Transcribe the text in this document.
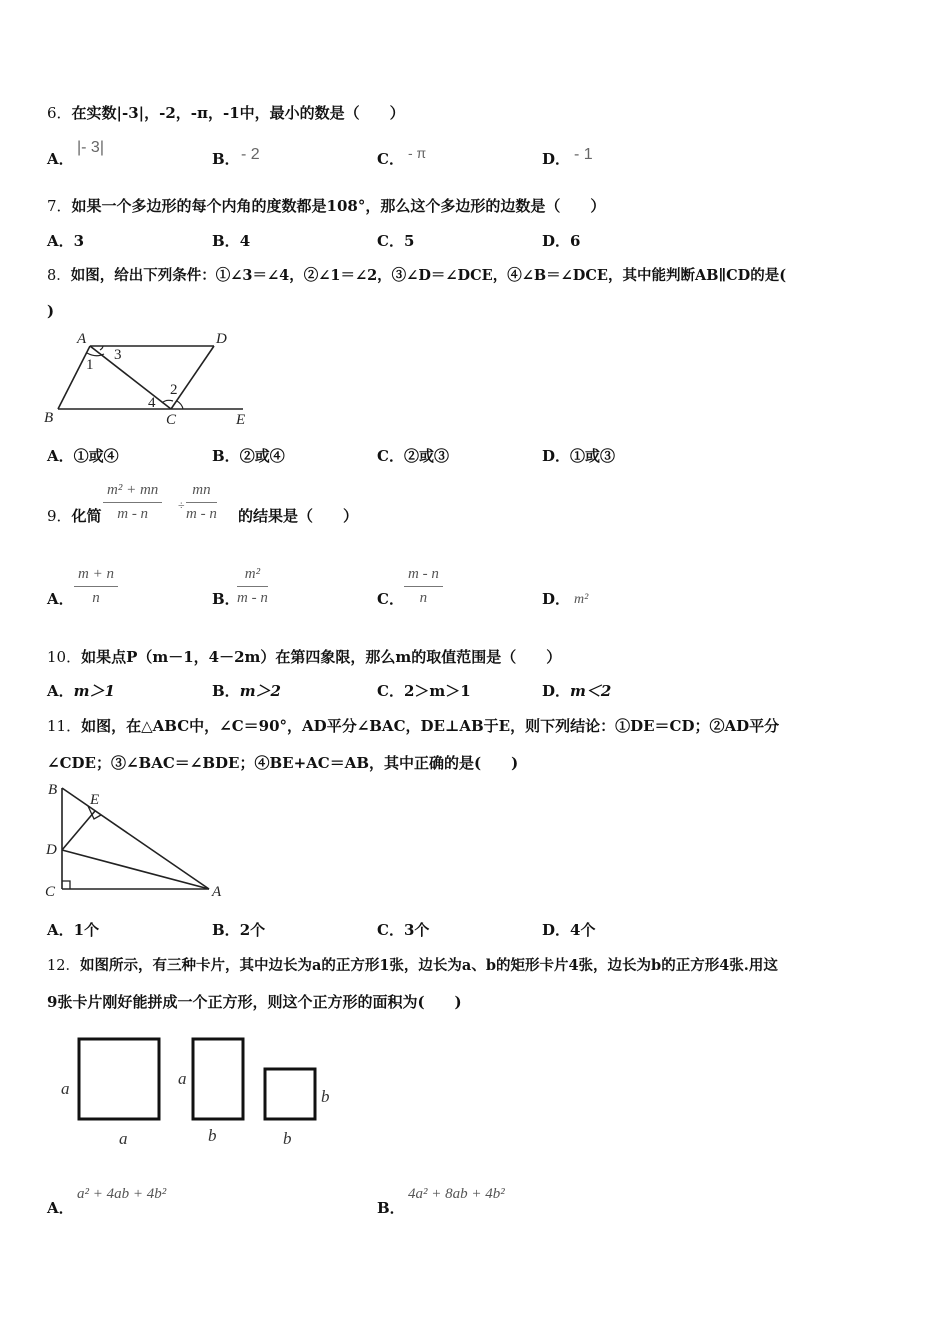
6．在实数|-3|，-2，-π，-1中，最小的数是（　　）
A．
|- 3|
B． - 2	C． - π	D． - 1
7．如果一个多边形的每个内角的度数都是108°，那么这个多边形的边数是（　　）
A．3	B．4	C．5	D．6
8．如图，给出下列条件：①∠3＝∠4，②∠1＝∠2，③∠D＝∠DCE，④∠B＝∠DCE，其中能判断AB∥CD的是(
)
A	D
B	C	E
1
3
2
4
A．①或④	B．②或④	C．②或③	D．①或③
9．化简 $\frac{\text{m² + mn}}{m - n} \div \frac{mn}{m - n}$ 的结果是（　　）
A． $\frac{m + n}{n}$	B．
$\frac{\text{m²}}{m - n}$	C． $\frac{m - n}{n}$	D． m²
10．如果点P（m－1，4－2m）在第四象限，那么m的取值范围是（　　）
A．m＞1	B．m＞2	C．2＞m＞1	D．m＜2
11．如图，在△ABC中，∠C＝90°，AD平分∠BAC，DE⊥AB于E，则下列结论：①DE＝CD；②AD平分
∠CDE；③∠BAC＝∠BDE；④BE+AC＝AB，其中正确的是(　　)
B
E
D
C	A
A．1个	B．2个	C．3个	D．4个
12．如图所示，有三种卡片，其中边长为a的正方形1张，边长为a、b的矩形卡片4张，边长为b的正方形4张.用这
9张卡片刚好能拼成一个正方形，则这个正方形的面积为(　　)
a
a
a
b
b
b
A．
a² + 4ab + 4b²
B．
4a² + 8ab + 4b²
